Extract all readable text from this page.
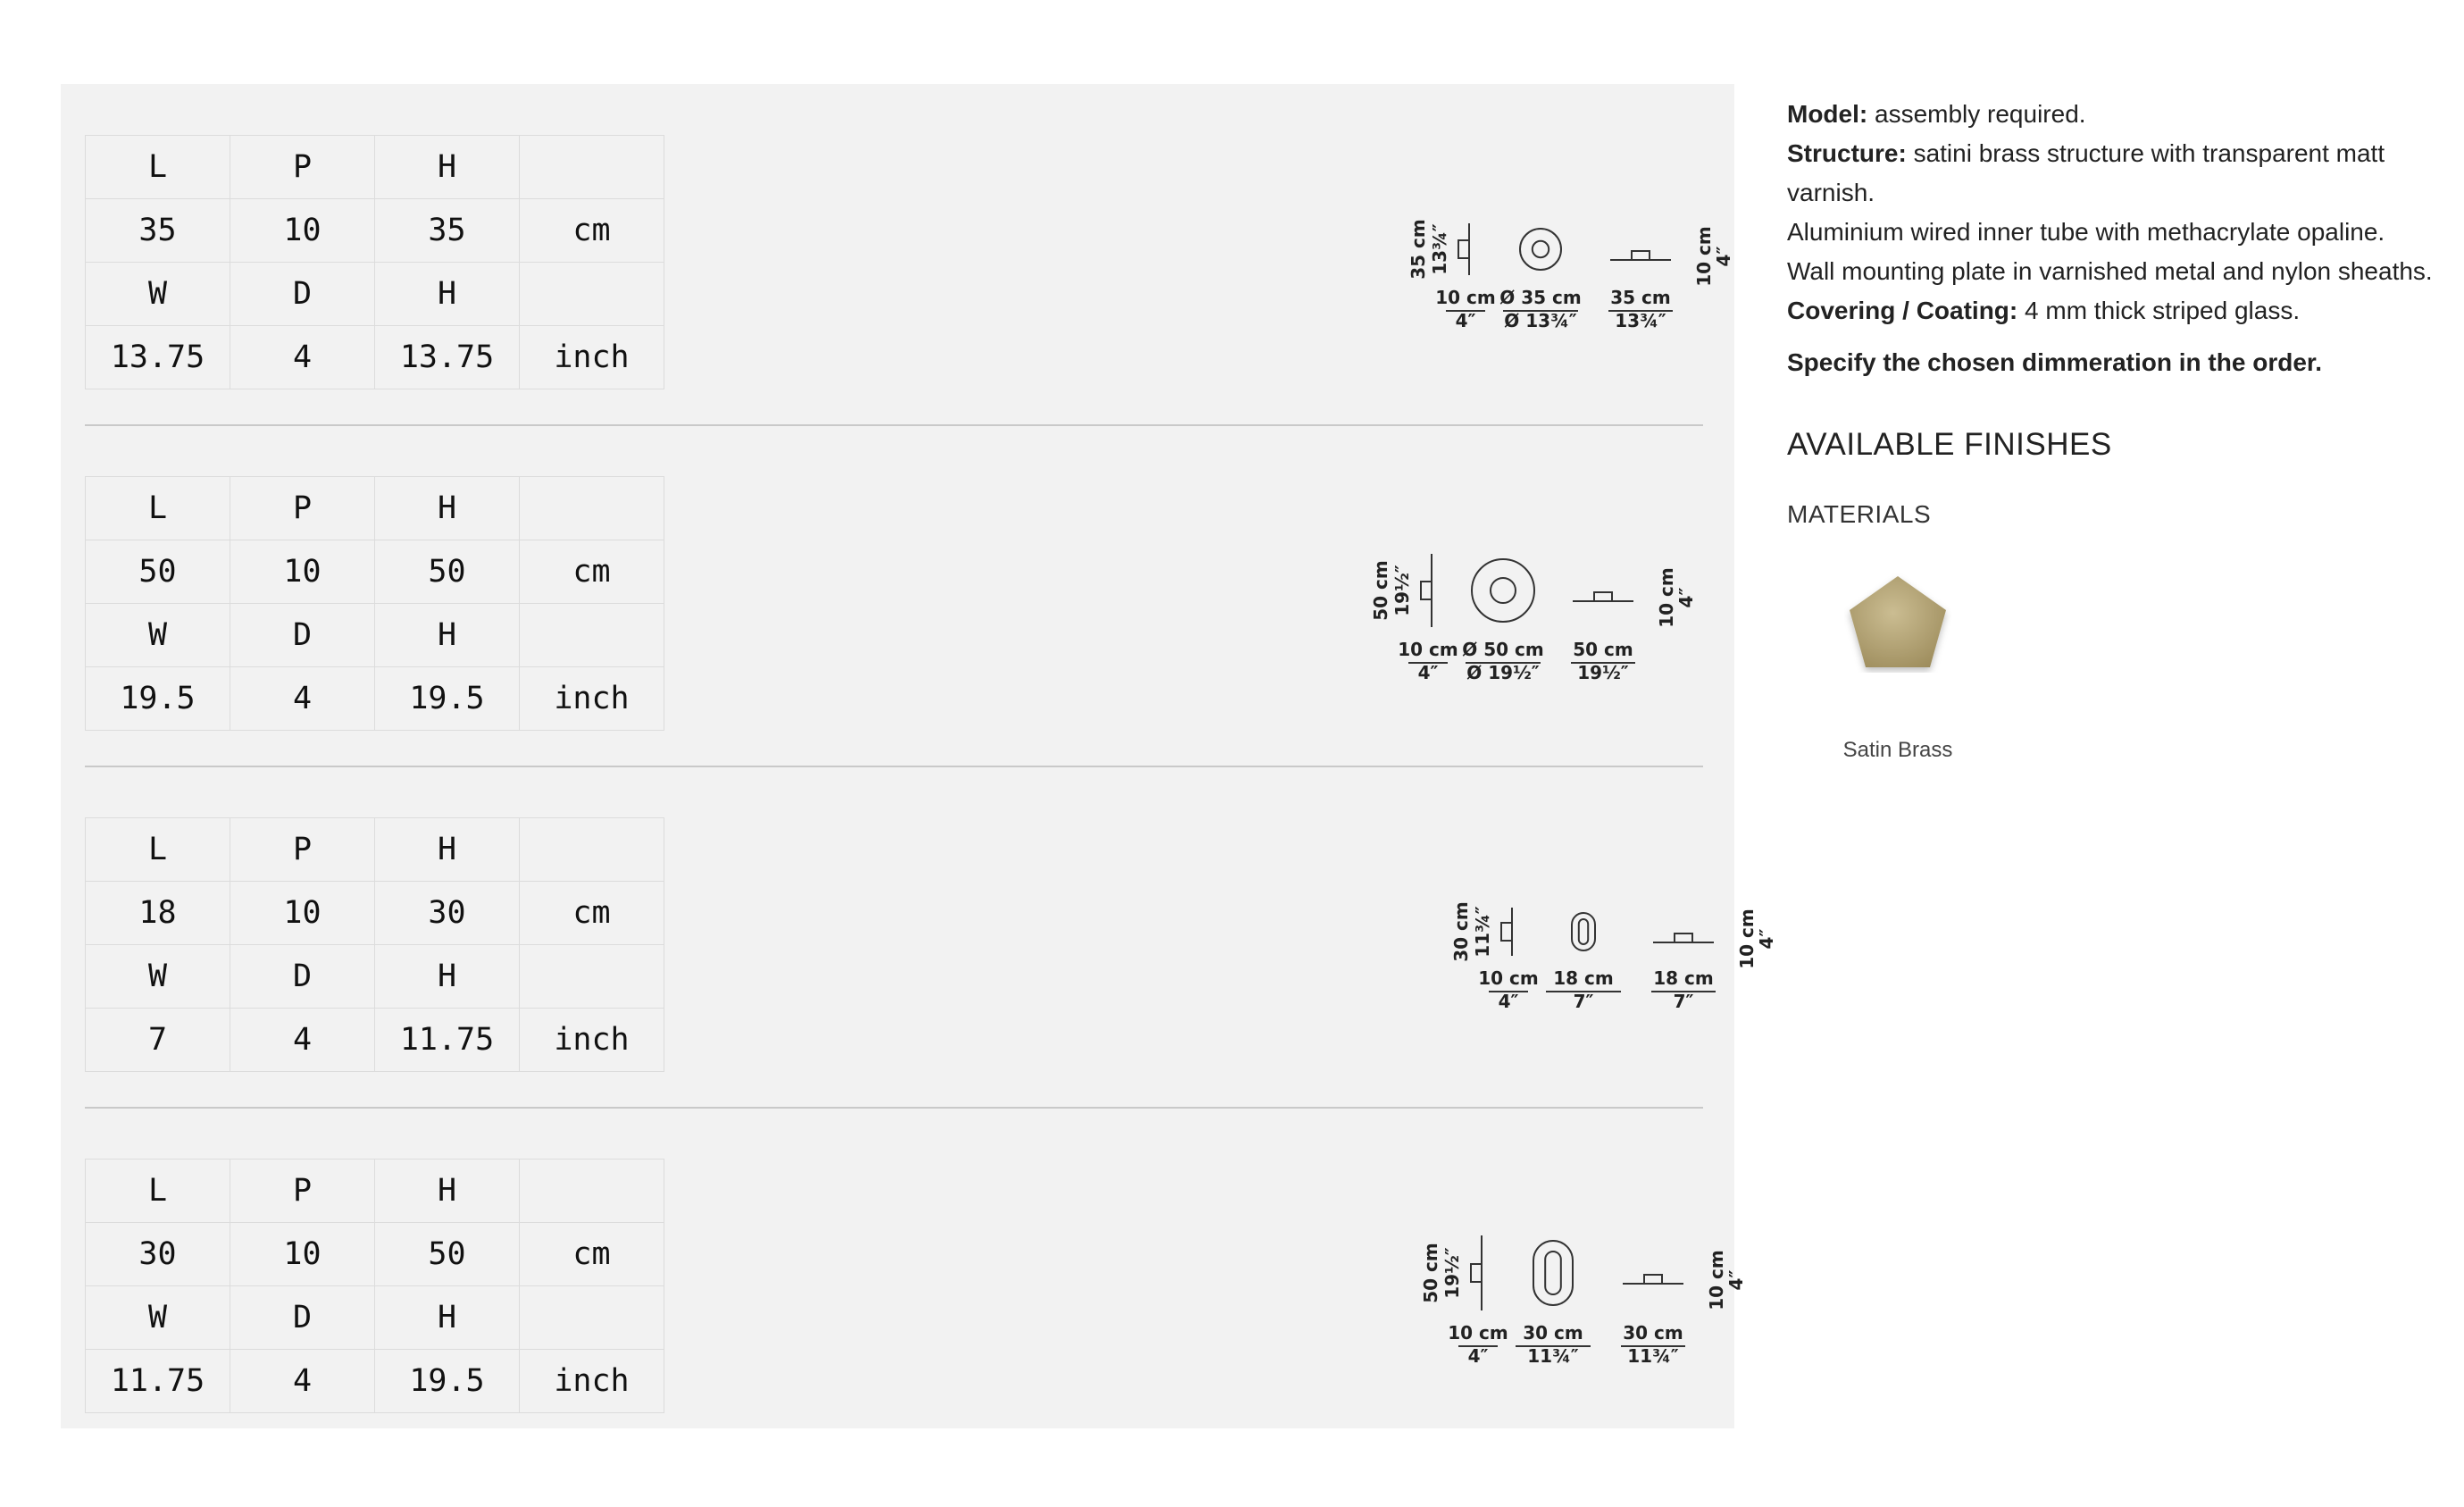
L	P	H	
35	10	35	cm
W	D	H	
13.75	4	13.75	inch
35 cm 13¾″
10 cm
4″
Ø 35 cm
Ø 13¾″
35 cm
13¾″
10 cm
4″
L	P	H	
50	10	50	cm
W	D	H	
19.5	4	19.5	inch
50 cm 19½″
10 cm
4″
Ø 50 cm
Ø 19½″
50 cm
19½″
10 cm
4″
L	P	H	
18	10	30	cm
W	D	H	
7	4	11.75	inch
30 cm 11¾″
10 cm
4″
18 cm
7″
18 cm
7″
10 cm
4″
L	P	H	
30	10	50	cm
W	D	H	
11.75	4	19.5	inch
50 cm 19½″
10 cm
4″
30 cm
11¾″
30 cm
11¾″
10 cm
4″
Model: assembly required.
Structure: satini brass structure with transparent matt varnish.
Aluminium wired inner tube with methacrylate opaline.
Wall mounting plate in varnished metal and nylon sheaths.
Covering / Coating: 4 mm thick striped glass.
Specify the chosen dimmeration in the order.
AVAILABLE FINISHES
MATERIALS
Satin Brass
